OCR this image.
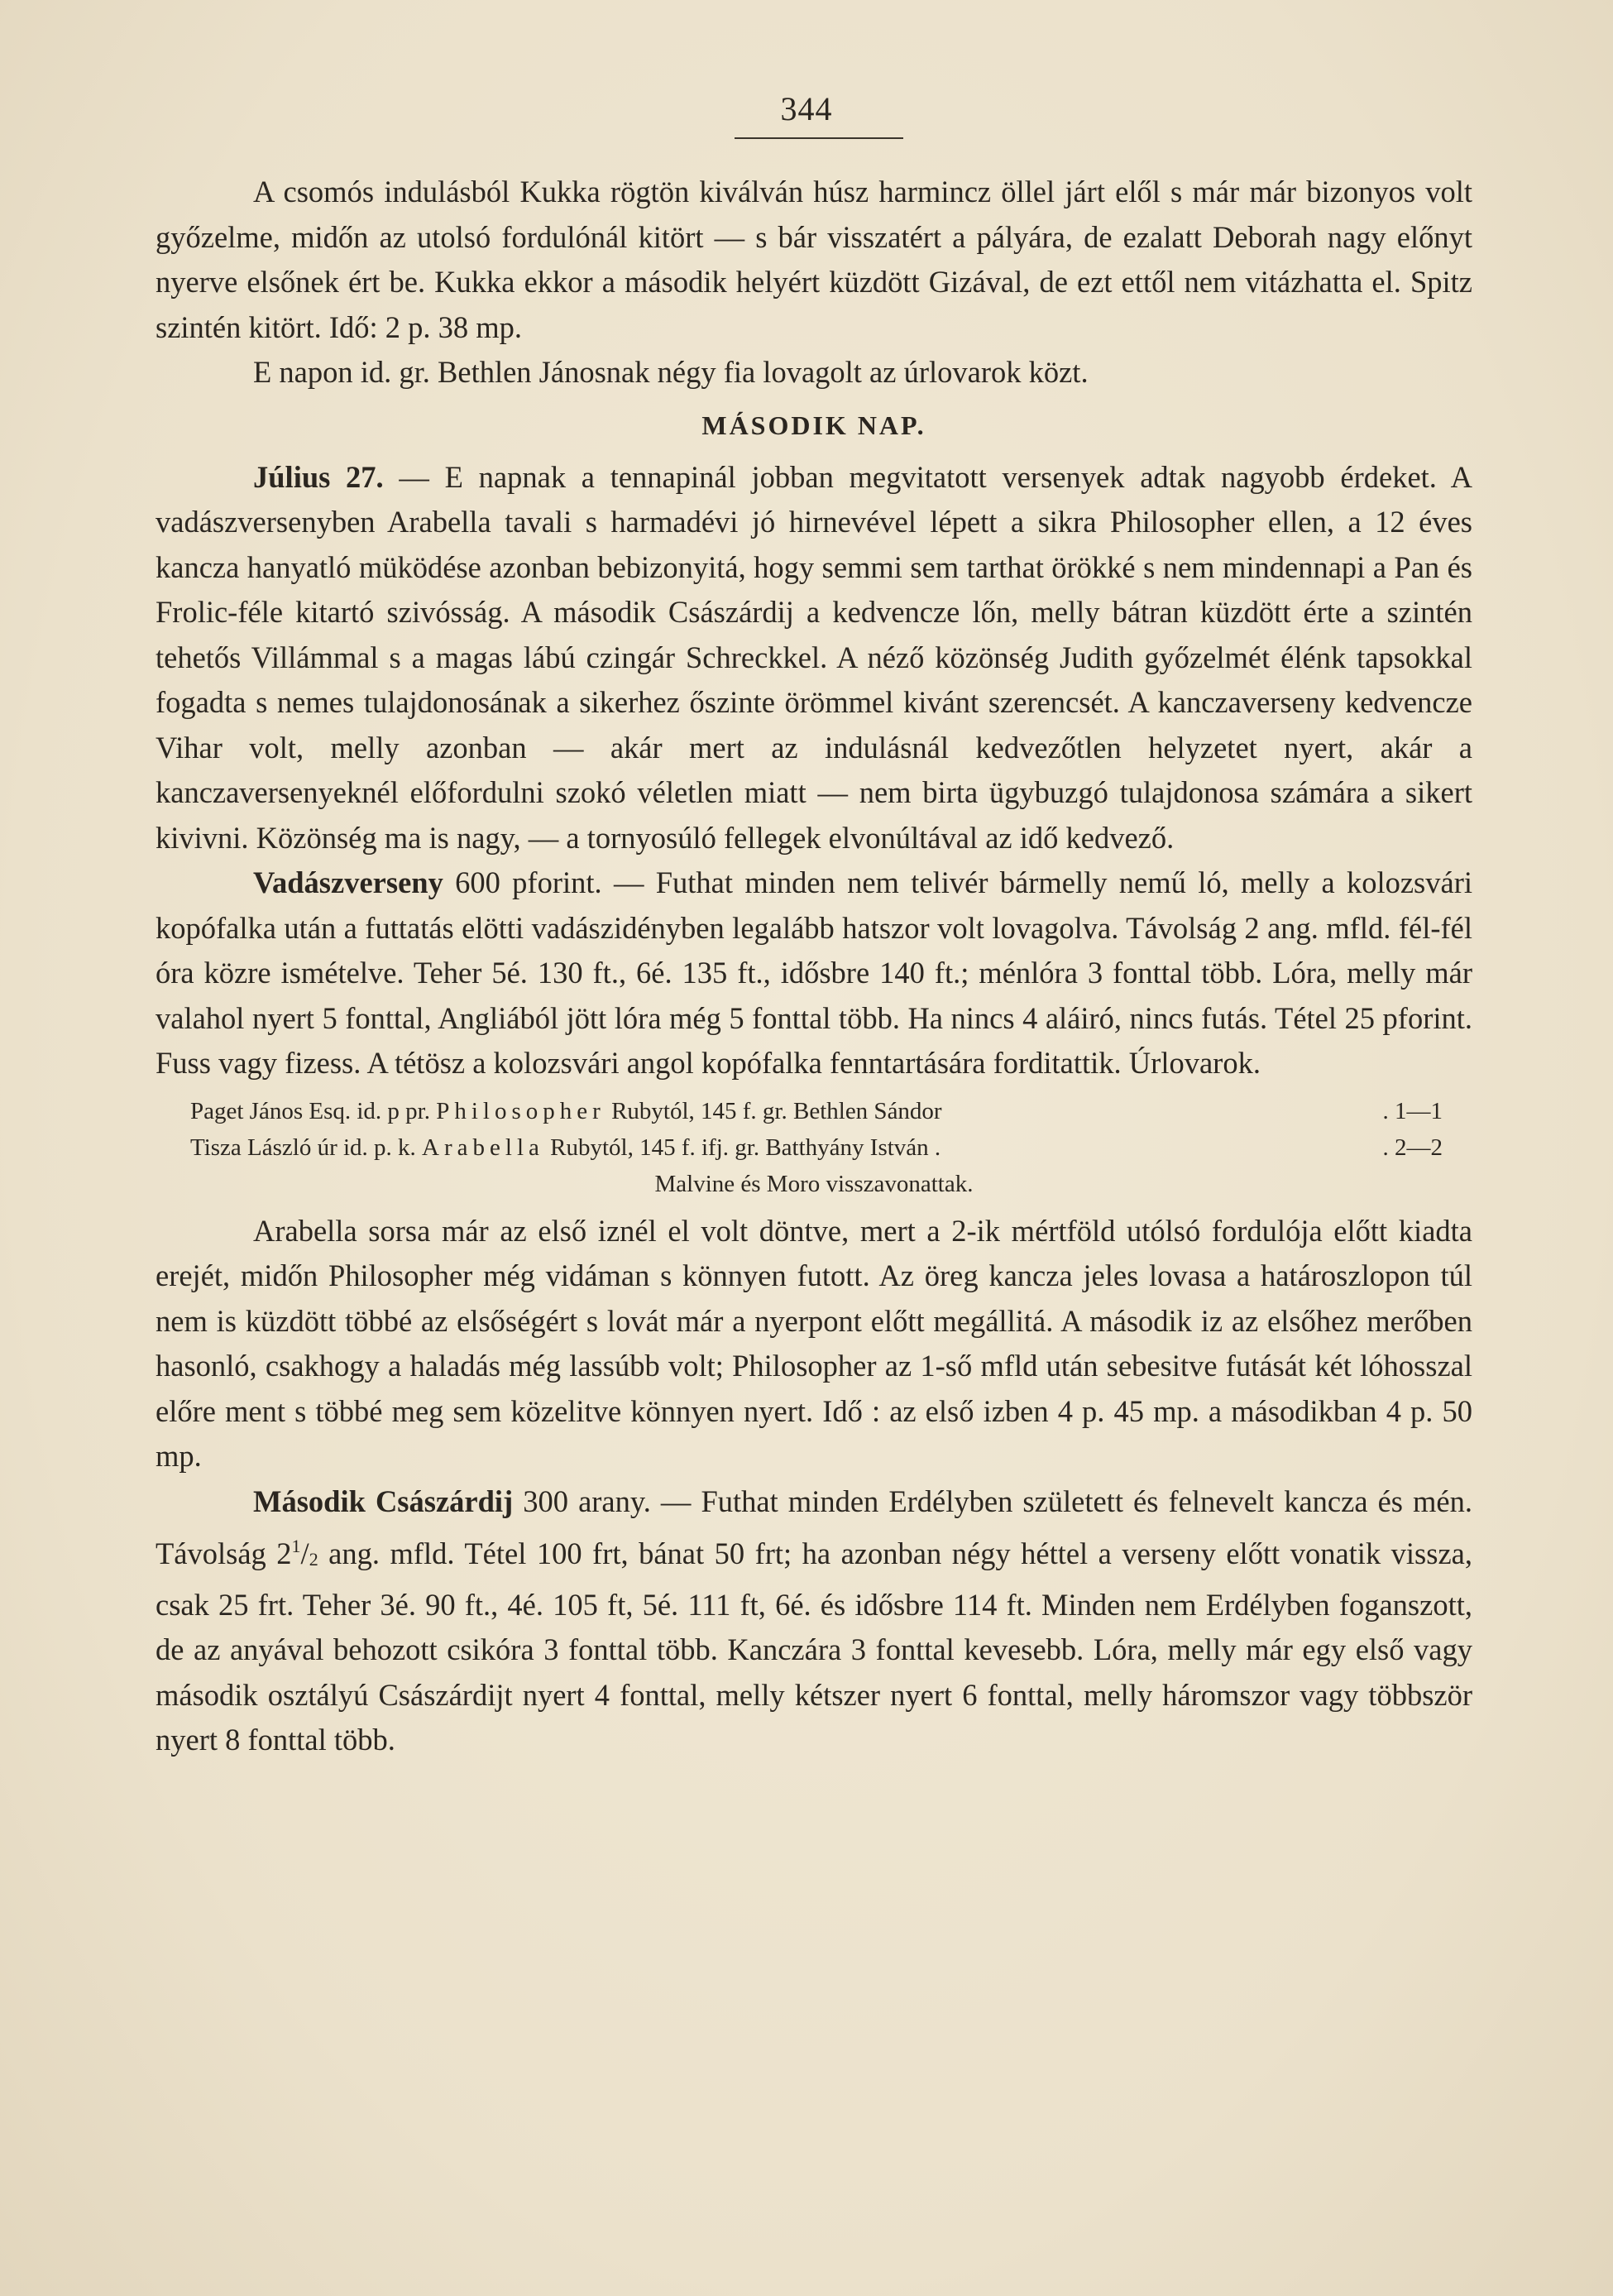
344

A csomós indulásból Kukka rögtön kiválván húsz harmincz öllel járt elől s már már bizonyos volt győzelme, midőn az utolsó fordulónál kitört — s bár visszatért a pályára, de ezalatt Deborah nagy előnyt nyerve elsőnek ért be. Kukka ekkor a második helyért küzdött Gizával, de ezt ettől nem vitázhatta el. Spitz szintén kitört. Idő: 2 p. 38 mp.

E napon id. gr. Bethlen Jánosnak négy fia lovagolt az úrlovarok közt.

MÁSODIK NAP.

Július 27. — E napnak a tennapinál jobban megvitatott versenyek adtak nagyobb érdeket. A vadászversenyben Arabella tavali s harmadévi jó hirnevével lépett a sikra Philosopher ellen, a 12 éves kancza hanyatló müködése azonban bebizonyitá, hogy semmi sem tarthat örökké s nem mindennapi a Pan és Frolic-féle kitartó szivósság. A második Császárdij a kedvencze lőn, melly bátran küzdött érte a szintén tehetős Villámmal s a magas lábú czingár Schreckkel. A néző közönség Judith győzelmét élénk tapsokkal fogadta s nemes tulajdonosának a sikerhez őszinte örömmel kivánt szerencsét. A kanczaverseny kedvencze Vihar volt, melly azonban — akár mert az indulásnál kedvezőtlen helyzetet nyert, akár a kanczaversenyeknél előfordulni szokó véletlen miatt — nem birta ügybuzgó tulajdonosa számára a sikert kivivni. Közönség ma is nagy, — a tornyosúló fellegek elvonúltával az idő kedvező.

Vadászverseny 600 pforint. — Futhat minden nem telivér bármelly nemű ló, melly a kolozsvári kopófalka után a futtatás elötti vadászidényben legalább hatszor volt lovagolva. Távolság 2 ang. mfld. fél-fél óra közre ismételve. Teher 5é. 130 ft., 6é. 135 ft., idősbre 140 ft.; ménlóra 3 fonttal több. Lóra, melly már valahol nyert 5 fonttal, Angliából jött lóra még 5 fonttal több. Ha nincs 4 aláiró, nincs futás. Tétel 25 pforint. Fuss vagy fizess. A tétösz a kolozsvári angol kopófalka fenntartására forditattik. Úrlovarok.

Paget János Esq. id. p pr. Philosopher Rubytól, 145 f. gr. Bethlen Sándor	. 1—1
Tisza László úr id. p. k. Arabella Rubytól, 145 f. ifj. gr. Batthyány István .	. 2—2
Malvine és Moro visszavonattak.

Arabella sorsa már az első iznél el volt döntve, mert a 2-ik mértföld utólsó fordulója előtt kiadta erejét, midőn Philosopher még vidáman s könnyen futott. Az öreg kancza jeles lovasa a határoszlopon túl nem is küzdött többé az elsőségért s lovát már a nyerpont előtt megállitá. A második iz az elsőhez merőben hasonló, csakhogy a haladás még lassúbb volt; Philosopher az 1-ső mfld után sebesitve futását két lóhosszal előre ment s többé meg sem közelitve könnyen nyert. Idő : az első izben 4 p. 45 mp. a másodikban 4 p. 50 mp.

Második Császárdij 300 arany. — Futhat minden Erdélyben született és felnevelt kancza és mén. Távolság $2^1/_2$ ang. mfld. Tétel 100 frt, bánat 50 frt; ha azonban négy héttel a verseny előtt vonatik vissza, csak 25 frt. Teher 3é. 90 ft., 4é. 105 ft, 5é. 111 ft, 6é. és idősbre 114 ft. Minden nem Erdélyben foganszott, de az anyával behozott csikóra 3 fonttal több. Kanczára 3 fonttal kevesebb. Lóra, melly már egy első vagy második osztályú Császárdijt nyert 4 fonttal, melly kétszer nyert 6 fonttal, melly háromszor vagy többször nyert 8 fonttal több.
